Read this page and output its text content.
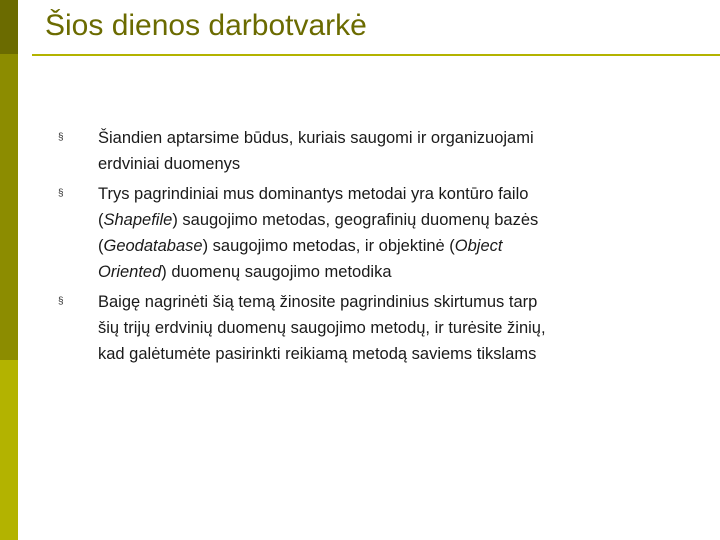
Šios dienos darbotvarkė
§ Šiandien aptarsime būdus, kuriais saugomi ir organizuojami
erdviniai duomenys
§ Trys pagrindiniai mus dominantys metodai yra kontūro failo
(Shapefile) saugojimo metodas, geografinių duomenų bazės
(Geodatabase) saugojimo metodas, ir objektinė (Object
Oriented) duomenų saugojimo metodika
§ Baigę nagrinėti šią temą žinosite pagrindinius skirtumus tarp
šių trijų erdvinių duomenų saugojimo metodų, ir turėsite žinių,
kad galėtumėte pasirinkti reikiamą metodą saviems tikslams
